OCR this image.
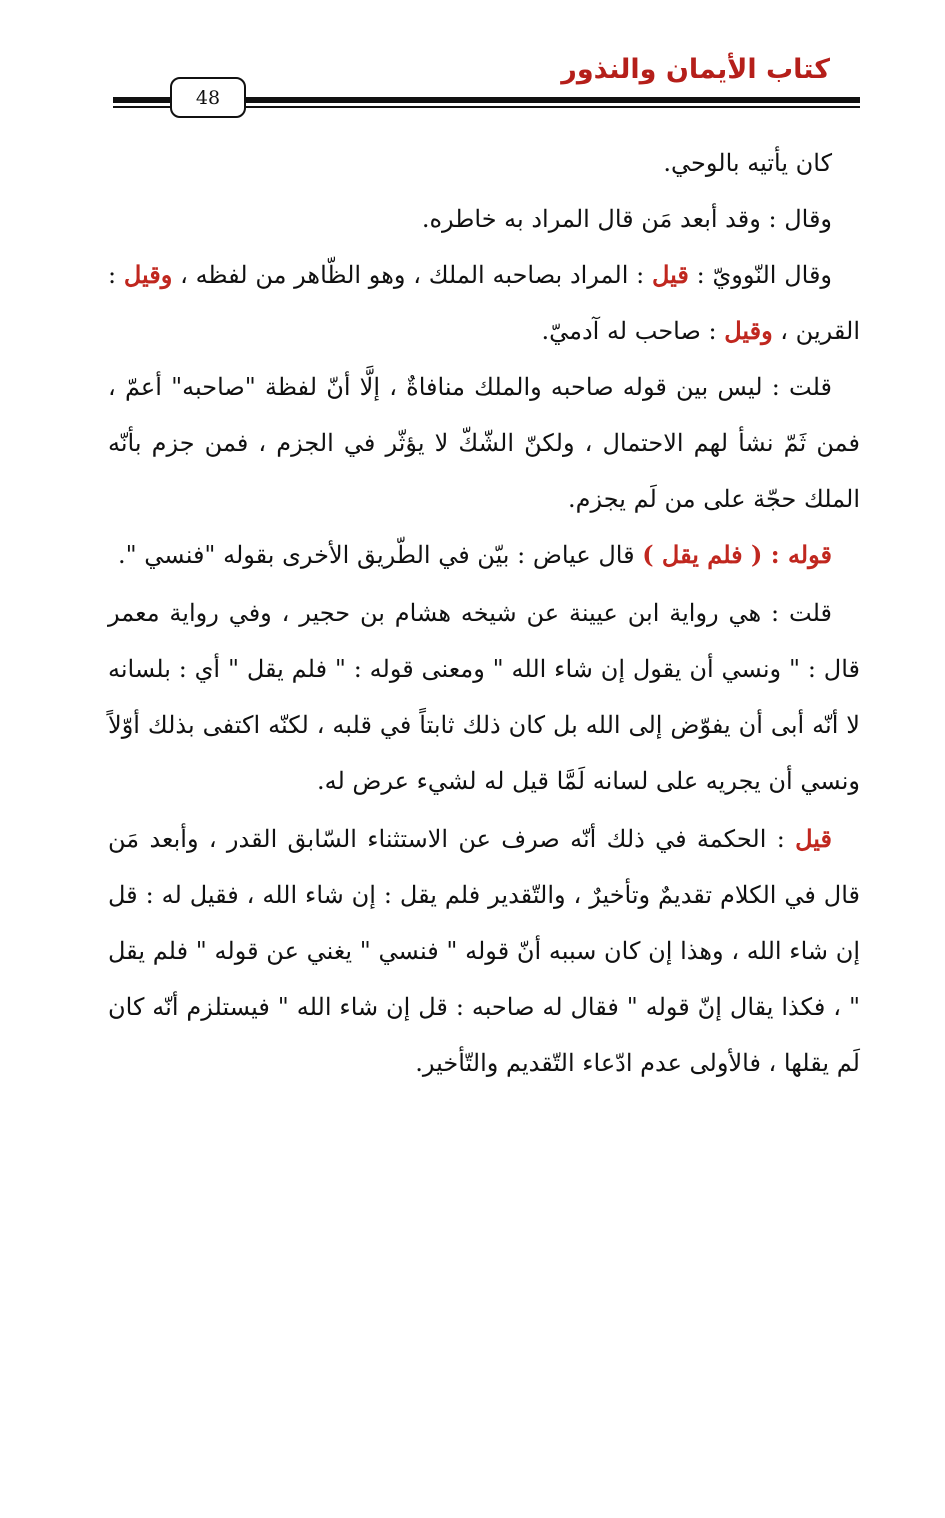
كتاب الأيمان والنذور
48

كان يأتيه بالوحي.

وقال : وقد أبعد مَن قال المراد به خاطره.

وقال النّوويّ : قيل : المراد بصاحبه الملك ، وهو الظّاهر من لفظه ، وقيل : القرين ، وقيل : صاحب له آدميّ.

قلت : ليس بين قوله صاحبه والملك منافاةٌ ، إلَّا أنّ لفظة "صاحبه" أعمّ ، فمن ثَمّ نشأ لهم الاحتمال ، ولكنّ الشّكّ لا يؤثّر في الجزم ، فمن جزم بأنّه الملك حجّة على من لَم يجزم.

قوله : ( فلم يقل ) قال عياض : بيّن في الطّريق الأخرى بقوله "فنسي ".

قلت : هي رواية ابن عيينة عن شيخه هشام بن حجير ، وفي رواية معمر قال : " ونسي أن يقول إن شاء الله " ومعنى قوله : " فلم يقل " أي : بلسانه لا أنّه أبى أن يفوّض إلى الله بل كان ذلك ثابتاً في قلبه ، لكنّه اكتفى بذلك أوّلاً ونسي أن يجريه على لسانه لَمَّا قيل له لشيء عرض له.

قيل : الحكمة في ذلك أنّه صرف عن الاستثناء السّابق القدر ، وأبعد مَن قال في الكلام تقديمٌ وتأخيرٌ ، والتّقدير فلم يقل : إن شاء الله ، فقيل له : قل إن شاء الله ، وهذا إن كان سببه أنّ قوله " فنسي " يغني عن قوله " فلم يقل " ، فكذا يقال إنّ قوله " فقال له صاحبه : قل إن شاء الله " فيستلزم أنّه كان لَم يقلها ، فالأولى عدم ادّعاء التّقديم والتّأخير.
